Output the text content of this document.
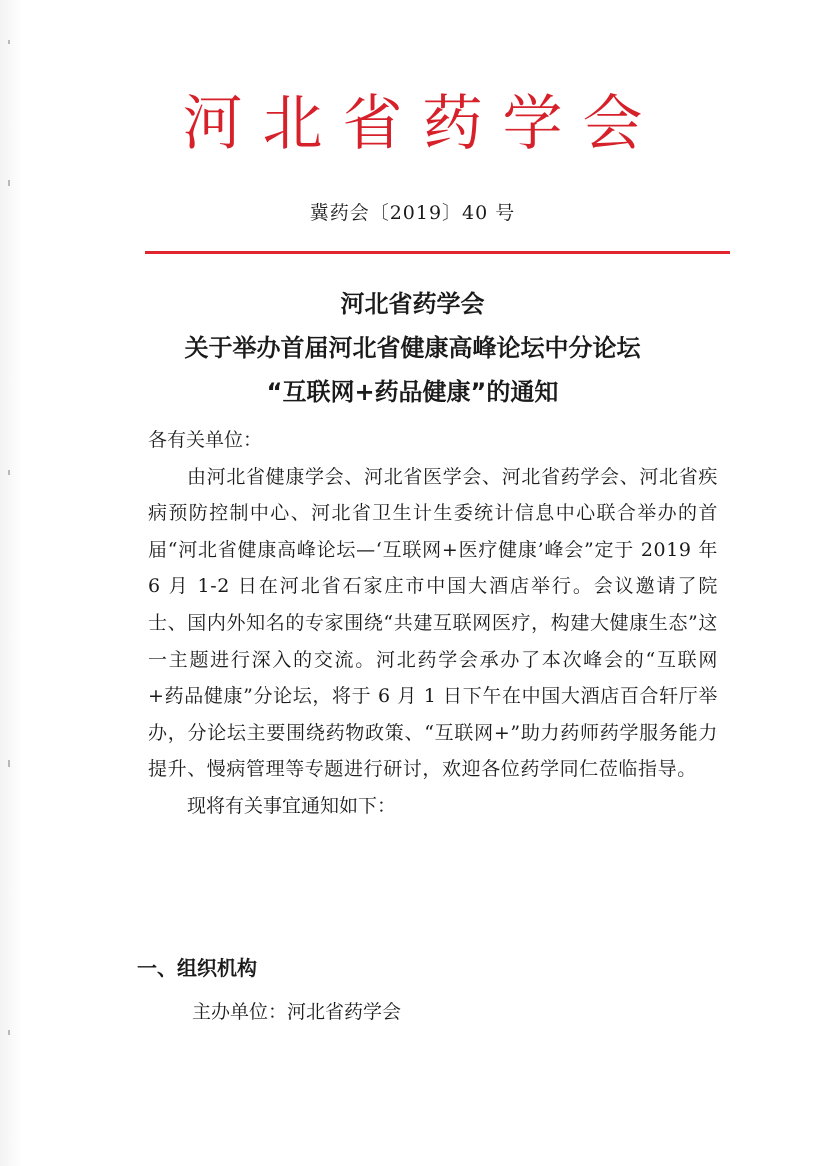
河北省药学会
冀药会〔2019〕40 号
河北省药学会
关于举办首届河北省健康高峰论坛中分论坛
“互联网+药品健康”的通知

各有关单位：

由河北省健康学会、河北省医学会、河北省药学会、河北省疾病预防控制中心、河北省卫生计生委统计信息中心联合举办的首届“河北省健康高峰论坛—‘互联网+医疗健康’峰会”定于 2019 年 6 月 1-2 日在河北省石家庄市中国大酒店举行。会议邀请了院士、国内外知名的专家围绕“共建互联网医疗，构建大健康生态”这一主题进行深入的交流。河北药学会承办了本次峰会的“互联网+药品健康”分论坛，将于 6 月 1 日下午在中国大酒店百合轩厅举办，分论坛主要围绕药物政策、“互联网+”助力药师药学服务能力提升、慢病管理等专题进行研讨，欢迎各位药学同仁莅临指导。

现将有关事宜通知如下：

一、组织机构
主办单位：河北省药学会
